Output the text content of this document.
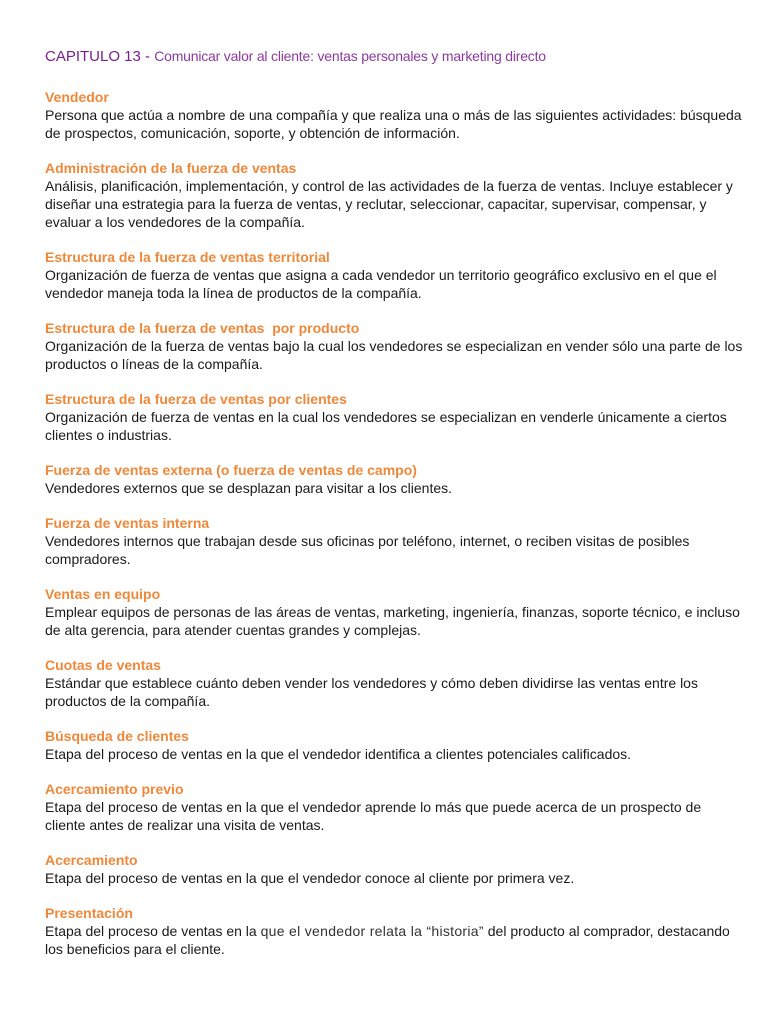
CAPITULO 13 - Comunicar valor al cliente: ventas personales y marketing directo

Vendedor

Persona que actúa a nombre de una compañía y que realiza una o más de las siguientes actividades: búsqueda de prospectos, comunicación, soporte, y obtención de información.

Administración de la fuerza de ventas

Análisis, planificación, implementación, y control de las actividades de la fuerza de ventas. Incluye establecer y diseñar una estrategia para la fuerza de ventas, y reclutar, seleccionar, capacitar, supervisar, compensar, y evaluar a los vendedores de la compañía.

Estructura de la fuerza de ventas territorial

Organización de fuerza de ventas que asigna a cada vendedor un territorio geográfico exclusivo en el que el vendedor maneja toda la línea de productos de la compañía.

Estructura de la fuerza de ventas  por producto

Organización de la fuerza de ventas bajo la cual los vendedores se especializan en vender sólo una parte de los productos o líneas de la compañía.

Estructura de la fuerza de ventas por clientes

Organización de fuerza de ventas en la cual los vendedores se especializan en venderle únicamente a ciertos clientes o industrias.

Fuerza de ventas externa (o fuerza de ventas de campo)

Vendedores externos que se desplazan para visitar a los clientes.

Fuerza de ventas interna

Vendedores internos que trabajan desde sus oficinas por teléfono, internet, o reciben visitas de posibles compradores.

Ventas en equipo

Emplear equipos de personas de las áreas de ventas, marketing, ingeniería, finanzas, soporte técnico, e incluso de alta gerencia, para atender cuentas grandes y complejas.

Cuotas de ventas

Estándar que establece cuánto deben vender los vendedores y cómo deben dividirse las ventas entre los productos de la compañía.

Búsqueda de clientes

Etapa del proceso de ventas en la que el vendedor identifica a clientes potenciales calificados.

Acercamiento previo

Etapa del proceso de ventas en la que el vendedor aprende lo más que puede acerca de un prospecto de cliente antes de realizar una visita de ventas.

Acercamiento

Etapa del proceso de ventas en la que el vendedor conoce al cliente por primera vez.

Presentación

Etapa del proceso de ventas en la que el vendedor relata la “historia” del producto al comprador, destacando los beneficios para el cliente.
